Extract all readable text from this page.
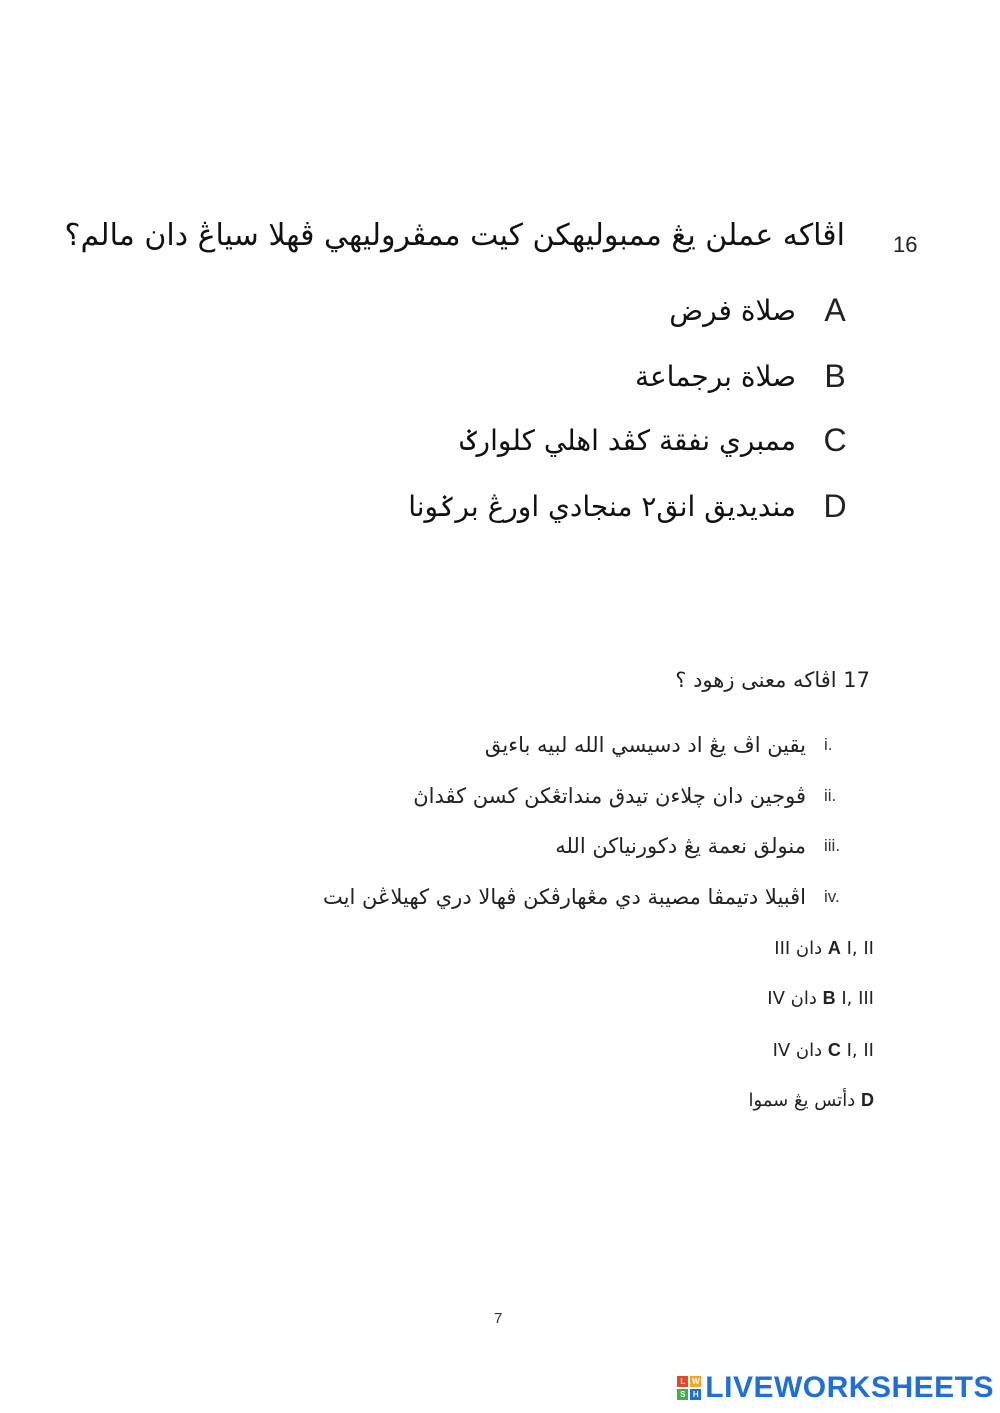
16
اڤاكه عملن يڠ ممبوليهكن كيت ممڤروليهي ڤهلا سياڠ دان مالم؟
A
صلاة فرض
B
صلاة برجماعة
C
ممبري نفقة كڤد اهلي كلوارݢ
D
منديديق انق٢ منجادي اورڠ برݢونا
17 اڤاكه معنى زهود ؟
i.
يقين اڤ يڠ اد دسيسي الله لبيه باءيق
ii.
ڤوجين دان چلاءن تيدق منداتڠكن كسن كڤداڽ
iii.
منولق نعمة يڠ دكورنياكن الله
iv.
اڤبيلا دتيمڤا مصيبة دي مڠهارڤكن ڤهالا دري كهيلاڠن ايت
A I, II دان III
B I, III دان IV
C I, II دان IV
D دأتس يڠ سموا
7
L W
S H LIVEWORKSHEETS
